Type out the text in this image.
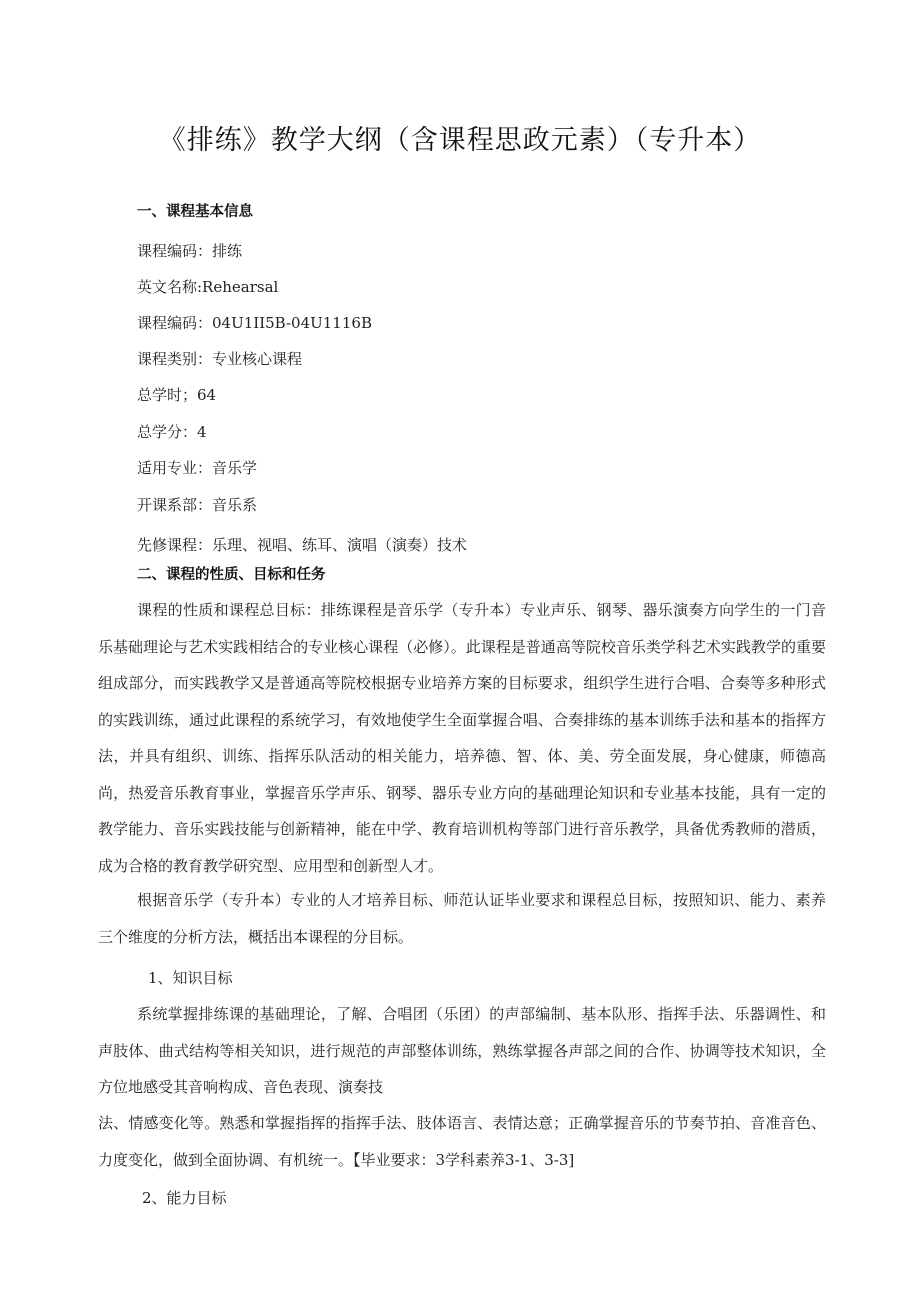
《排练》教学大纲（含课程思政元素）（专升本）
一、课程基本信息
课程编码：排练
英文名称:Rehearsal
课程编码：04U1II5B-04U1116B
课程类别：专业核心课程
总学时；64
总学分：4
适用专业：音乐学
开课系部：音乐系
先修课程：乐理、视唱、练耳、演唱（演奏）技术
二、课程的性质、目标和任务
课程的性质和课程总目标：排练课程是音乐学（专升本）专业声乐、钢琴、器乐演奏方向学生的一门音乐基础理论与艺术实践相结合的专业核心课程（必修）。此课程是普通高等院校音乐类学科艺术实践教学的重要组成部分，而实践教学又是普通高等院校根据专业培养方案的目标要求，组织学生进行合唱、合奏等多种形式的实践训练，通过此课程的系统学习，有效地使学生全面掌握合唱、合奏排练的基本训练手法和基本的指挥方法，并具有组织、训练、指挥乐队活动的相关能力，培养德、智、体、美、劳全面发展，身心健康，师德高尚，热爱音乐教育事业，掌握音乐学声乐、钢琴、器乐专业方向的基础理论知识和专业基本技能，具有一定的教学能力、音乐实践技能与创新精神，能在中学、教育培训机构等部门进行音乐教学，具备优秀教师的潜质，成为合格的教育教学研究型、应用型和创新型人才。
根据音乐学（专升本）专业的人才培养目标、师范认证毕业要求和课程总目标，按照知识、能力、素养三个维度的分析方法，概括出本课程的分目标。
1、知识目标
系统掌握排练课的基础理论，了解、合唱团（乐团）的声部编制、基本队形、指挥手法、乐器调性、和声肢体、曲式结构等相关知识，进行规范的声部整体训练，熟练掌握各声部之间的合作、协调等技术知识，全方位地感受其音响构成、音色表现、演奏技
法、情感变化等。熟悉和掌握指挥的指挥手法、肢体语言、表情达意；正确掌握音乐的节奏节拍、音准音色、力度变化，做到全面协调、有机统一。【毕业要求：3学科素养3-1、3-3]
2、能力目标
